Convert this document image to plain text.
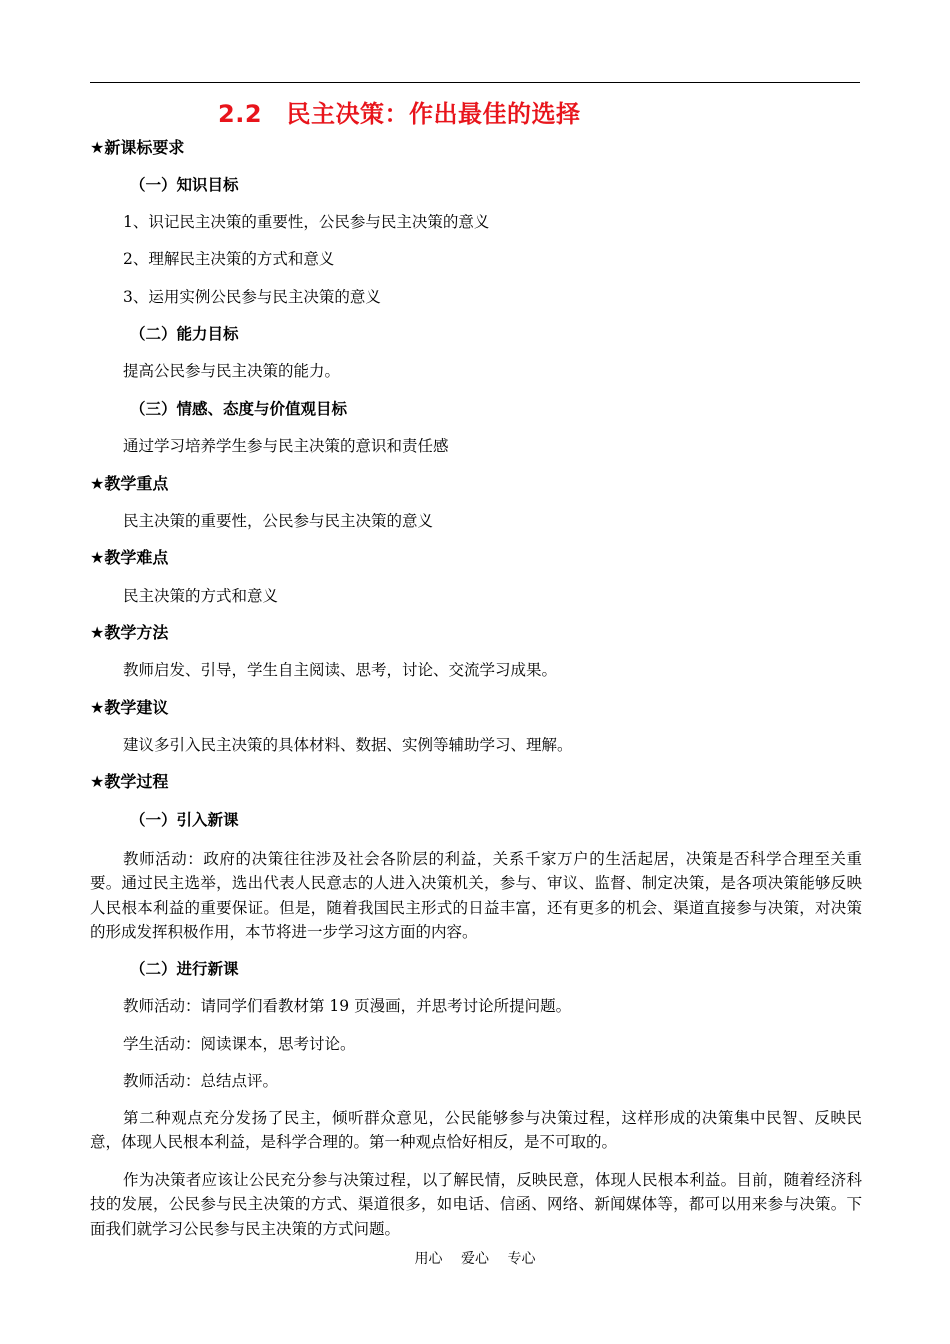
2.2　民主决策：作出最佳的选择
★新课标要求
（一）知识目标
1、识记民主决策的重要性，公民参与民主决策的意义
2、理解民主决策的方式和意义
3、运用实例公民参与民主决策的意义
（二）能力目标
提高公民参与民主决策的能力。
（三）情感、态度与价值观目标
通过学习培养学生参与民主决策的意识和责任感
★教学重点
民主决策的重要性，公民参与民主决策的意义
★教学难点
民主决策的方式和意义
★教学方法
教师启发、引导，学生自主阅读、思考，讨论、交流学习成果。
★教学建议
建议多引入民主决策的具体材料、数据、实例等辅助学习、理解。
★教学过程
（一）引入新课
教师活动：政府的决策往往涉及社会各阶层的利益，关系千家万户的生活起居，决策是否科学合理至关重要。通过民主选举，选出代表人民意志的人进入决策机关，参与、审议、监督、制定决策，是各项决策能够反映人民根本利益的重要保证。但是，随着我国民主形式的日益丰富，还有更多的机会、渠道直接参与决策，对决策的形成发挥积极作用，本节将进一步学习这方面的内容。
（二）进行新课
教师活动：请同学们看教材第 19 页漫画，并思考讨论所提问题。
学生活动：阅读课本，思考讨论。
教师活动：总结点评。
第二种观点充分发扬了民主，倾听群众意见，公民能够参与决策过程，这样形成的决策集中民智、反映民意，体现人民根本利益，是科学合理的。第一种观点恰好相反，是不可取的。
作为决策者应该让公民充分参与决策过程，以了解民情，反映民意，体现人民根本利益。目前，随着经济科技的发展，公民参与民主决策的方式、渠道很多，如电话、信函、网络、新闻媒体等，都可以用来参与决策。下面我们就学习公民参与民主决策的方式问题。
用心　 爱心　 专心
